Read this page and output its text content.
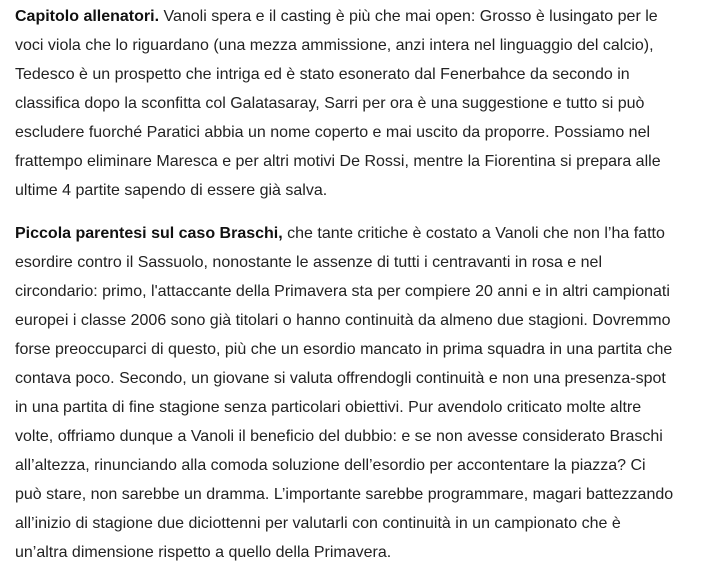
Capitolo allenatori. Vanoli spera e il casting è più che mai open: Grosso è lusingato per le
voci viola che lo riguardano (una mezza ammissione, anzi intera nel linguaggio del calcio),
Tedesco è un prospetto che intriga ed è stato esonerato dal Fenerbahce da secondo in
classifica dopo la sconfitta col Galatasaray, Sarri per ora è una suggestione e tutto si può
escludere fuorché Paratici abbia un nome coperto e mai uscito da proporre. Possiamo nel
frattempo eliminare Maresca e per altri motivi De Rossi, mentre la Fiorentina si prepara alle
ultime 4 partite sapendo di essere già salva.

Piccola parentesi sul caso Braschi, che tante critiche è costato a Vanoli che non l’ha fatto
esordire contro il Sassuolo, nonostante le assenze di tutti i centravanti in rosa e nel
circondario: primo, l'attaccante della Primavera sta per compiere 20 anni e in altri campionati
europei i classe 2006 sono già titolari o hanno continuità da almeno due stagioni. Dovremmo
forse preoccuparci di questo, più che un esordio mancato in prima squadra in una partita che
contava poco. Secondo, un giovane si valuta offrendogli continuità e non una presenza-spot
in una partita di fine stagione senza particolari obiettivi. Pur avendolo criticato molte altre
volte, offriamo dunque a Vanoli il beneficio del dubbio: e se non avesse considerato Braschi
all’altezza, rinunciando alla comoda soluzione dell’esordio per accontentare la piazza? Ci
può stare, non sarebbe un dramma. L’importante sarebbe programmare, magari battezzando
all’inizio di stagione due diciottenni per valutarli con continuità in un campionato che è
un’altra dimensione rispetto a quello della Primavera.
